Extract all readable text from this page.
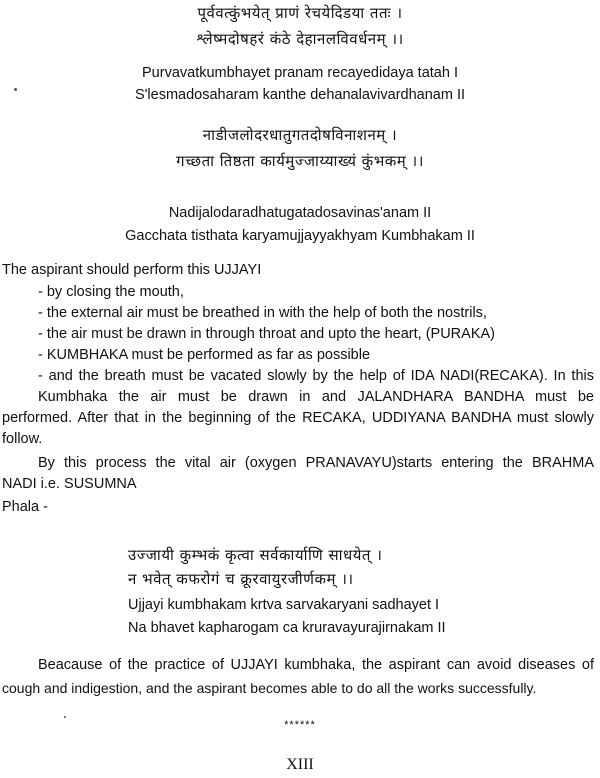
पूर्ववत्कुंभयेत् प्राणं रेचयेदिडया ततः ।
श्लेष्मदोषहरं कंठे देहानलविवर्धनम् ।।
Purvavatkumbhayet pranam recayedidaya tatah I
S'lesmadosaharam kanthe dehanalavivardhanam II
नाडीजलोदरधातुगतदोषविनाशनम् ।
गच्छता तिष्ठता कार्यमुज्जाय्याख्यं कुंभकम् ।।
Nadijalodaradhatugatadosavinas'anam II
Gacchata tisthata karyamujjayyakhyam Kumbhakam II
The aspirant should perform this UJJAYI
- by closing the mouth,
- the external air must be breathed in with the help of both the nostrils,
- the air must be drawn in through throat and upto the heart, (PURAKA)
- KUMBHAKA must be performed as far as possible
- and the breath must be vacated slowly by the help of IDA NADI(RECAKA). In this
Kumbhaka the air must be drawn in and JALANDHARA BANDHA must be
performed. After that in the beginning of the RECAKA, UDDIYANA BANDHA must slowly
follow.
By this process the vital air (oxygen PRANAVAYU)starts entering the BRAHMA
NADI i.e. SUSUMNA
Phala -
उज्जायी कुम्भकं कृत्वा सर्वकार्याणि साधयेत् ।
न भवेत् कफरोगं च क्रूरवायुरजीर्णकम् ।।
Ujjayi kumbhakam krtva sarvakaryani sadhayet I
Na bhavet kapharogam ca kruravayurajirnakam II
Beacause of the practice of UJJAYI kumbhaka, the aspirant can avoid diseases of
cough and indigestion, and the aspirant becomes able to do all the works successfully.
******
XIII
